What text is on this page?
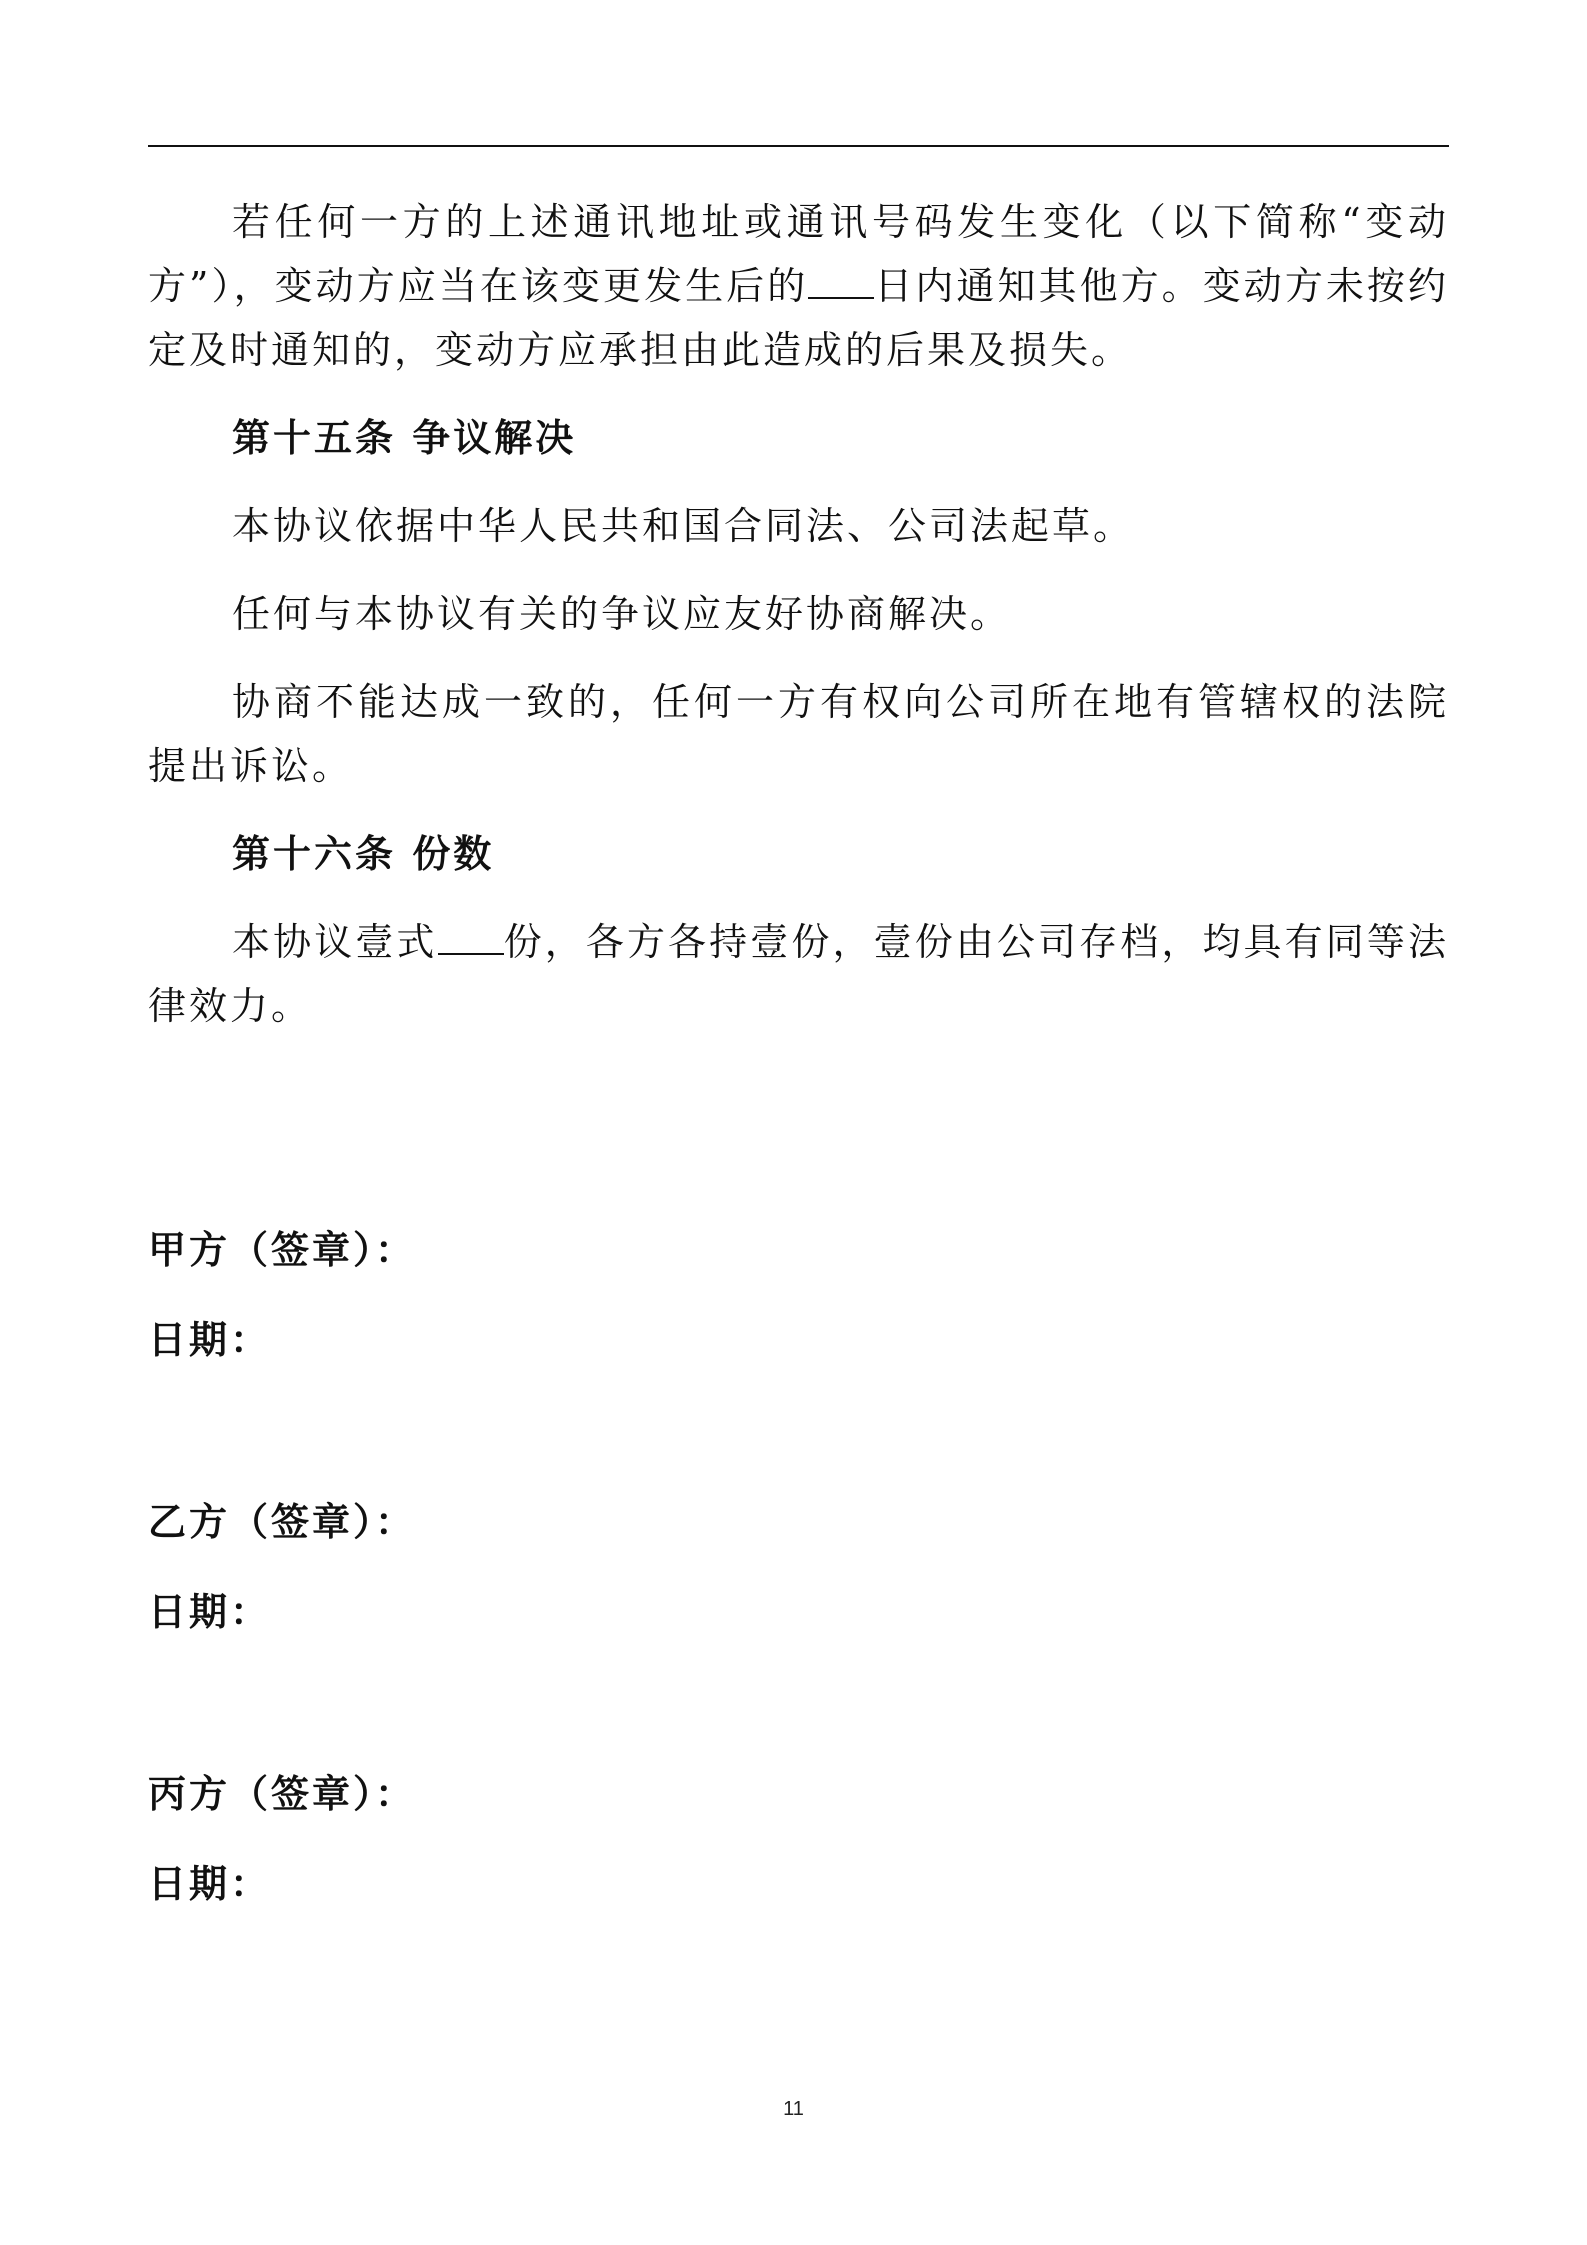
若任何一方的上述通讯地址或通讯号码发生变化（以下简称“变动方”），变动方应当在该变更发生后的 日内通知其他方。变动方未按约定及时通知的，变动方应承担由此造成的后果及损失。

第十五条 争议解决

本协议依据中华人民共和国合同法、公司法起草。

任何与本协议有关的争议应友好协商解决。

协商不能达成一致的，任何一方有权向公司所在地有管辖权的法院提出诉讼。

第十六条 份数

本协议壹式 份，各方各持壹份，壹份由公司存档，均具有同等法律效力。

甲方（签章）：

日期：

乙方（签章）：

日期：

丙方（签章）：

日期：

11
